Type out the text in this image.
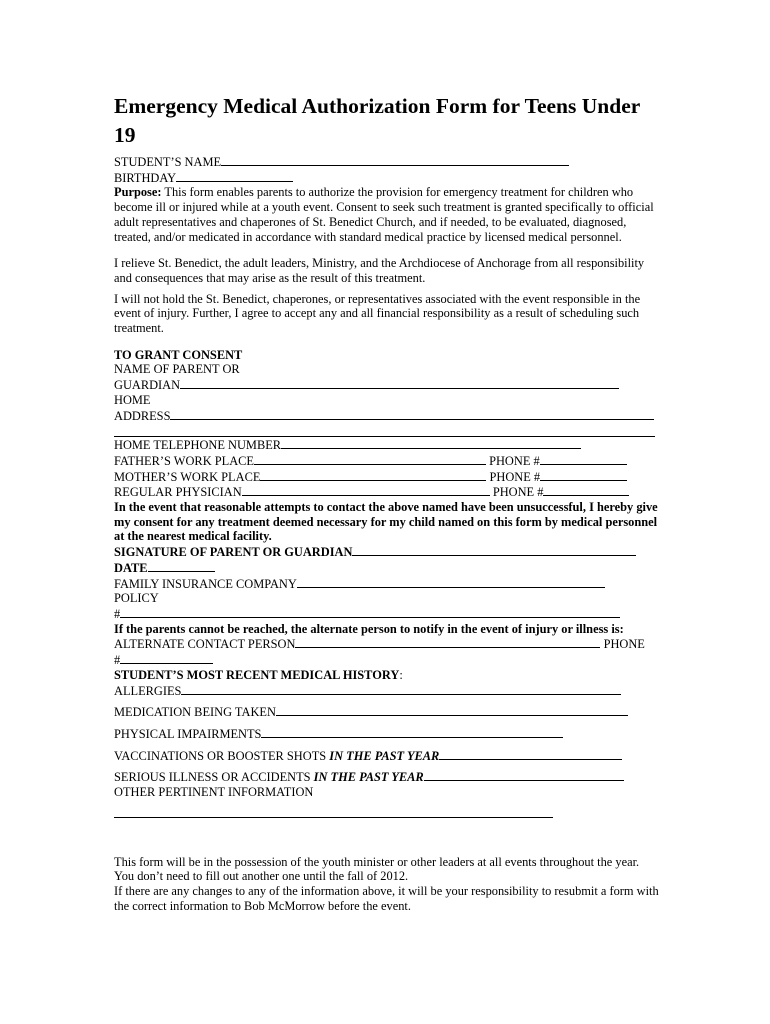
Emergency Medical Authorization Form for Teens Under 19
STUDENT’S NAME
BIRTHDAY
Purpose: This form enables parents to authorize the provision for emergency treatment for children who become ill or injured while at a youth event. Consent to seek such treatment is granted specifically to official adult representatives and chaperones of St. Benedict Church, and if needed, to be evaluated, diagnosed, treated, and/or medicated in accordance with standard medical practice by licensed medical personnel.
I relieve St. Benedict, the adult leaders, Ministry, and the Archdiocese of Anchorage from all responsibility and consequences that may arise as the result of this treatment.
I will not hold the St. Benedict, chaperones, or representatives associated with the event responsible in the event of injury. Further, I agree to accept any and all financial responsibility as a result of scheduling such treatment.
TO GRANT CONSENT
NAME OF PARENT OR
GUARDIAN
HOME
ADDRESS
HOME TELEPHONE NUMBER
FATHER’S WORK PLACE	PHONE #
MOTHER’S WORK PLACE	PHONE #
REGULAR PHYSICIAN	PHONE #
In the event that reasonable attempts to contact the above named have been unsuccessful, I hereby give my consent for any treatment deemed necessary for my child named on this form by medical personnel at the nearest medical facility.
SIGNATURE OF PARENT OR GUARDIAN
DATE
FAMILY INSURANCE COMPANY
POLICY
#
If the parents cannot be reached, the alternate person to notify in the event of injury or illness is:
ALTERNATE CONTACT PERSON	PHONE
#
STUDENT’S MOST RECENT MEDICAL HISTORY:
ALLERGIES
MEDICATION BEING TAKEN
PHYSICAL IMPAIRMENTS
VACCINATIONS OR BOOSTER SHOTS IN THE PAST YEAR
SERIOUS ILLNESS OR ACCIDENTS IN THE PAST YEAR
OTHER PERTINENT INFORMATION
This form will be in the possession of the youth minister or other leaders at all events throughout the year. You don’t need to fill out another one until the fall of 2012.
If there are any changes to any of the information above, it will be your responsibility to resubmit a form with the correct information to Bob McMorrow before the event.
